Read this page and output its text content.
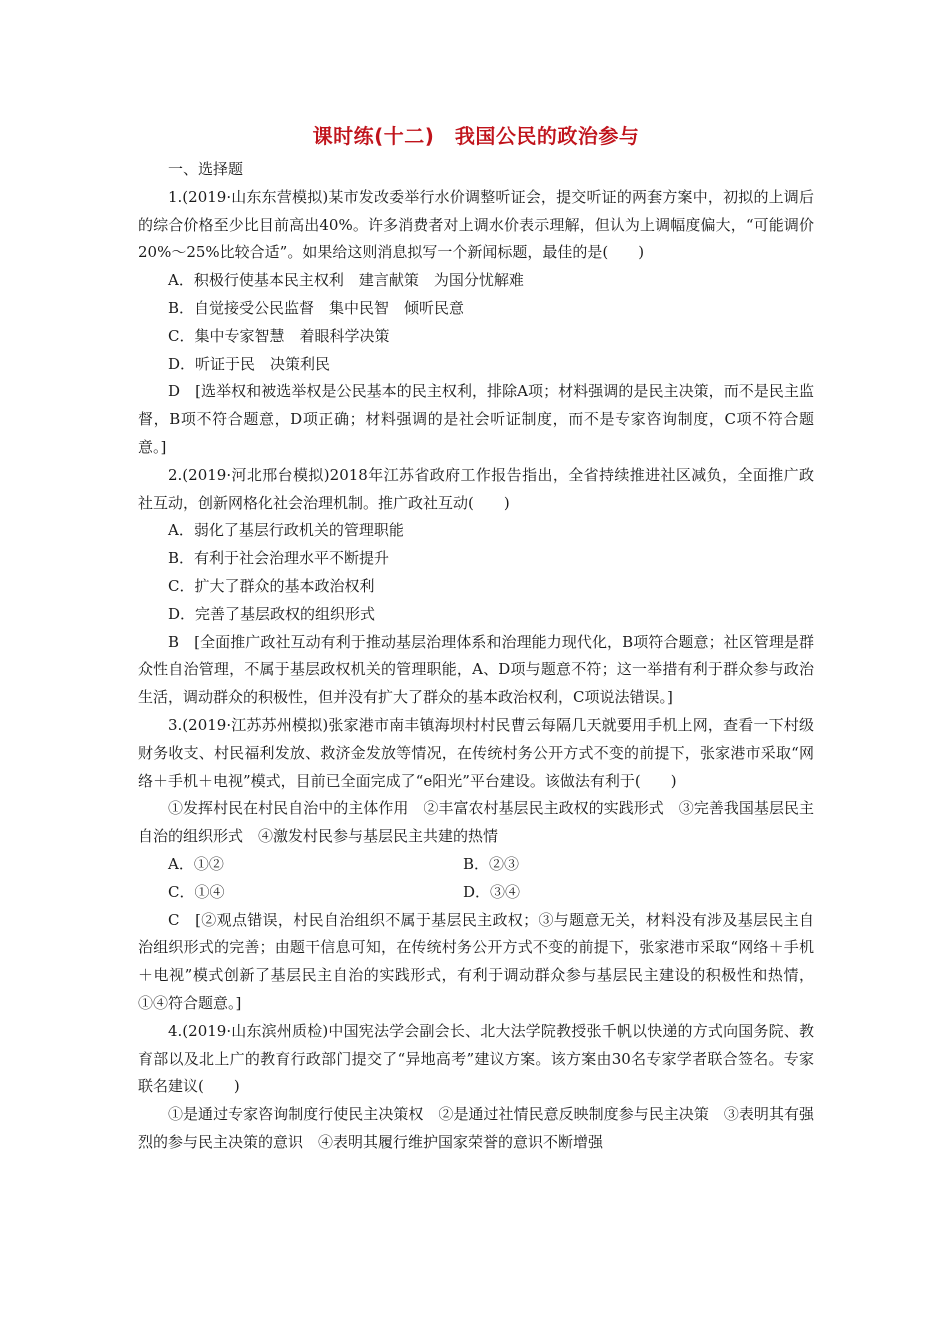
课时练(十二)　我国公民的政治参与

一、选择题

1.(2019·山东东营模拟)某市发改委举行水价调整听证会，提交听证的两套方案中，初拟的上调后的综合价格至少比目前高出40%。许多消费者对上调水价表示理解，但认为上调幅度偏大，“可能调价20%～25%比较合适”。如果给这则消息拟写一个新闻标题，最佳的是(　　)

A．积极行使基本民主权利　建言献策　为国分忧解难

B．自觉接受公民监督　集中民智　倾听民意

C．集中专家智慧　着眼科学决策

D．听证于民　决策利民

D　[选举权和被选举权是公民基本的民主权利，排除A项；材料强调的是民主决策，而不是民主监督，B项不符合题意，D项正确；材料强调的是社会听证制度，而不是专家咨询制度，C项不符合题意。]

2.(2019·河北邢台模拟)2018年江苏省政府工作报告指出，全省持续推进社区减负，全面推广政社互动，创新网格化社会治理机制。推广政社互动(　　)

A．弱化了基层行政机关的管理职能

B．有利于社会治理水平不断提升

C．扩大了群众的基本政治权利

D．完善了基层政权的组织形式

B　[全面推广政社互动有利于推动基层治理体系和治理能力现代化，B项符合题意；社区管理是群众性自治管理，不属于基层政权机关的管理职能，A、D项与题意不符；这一举措有利于群众参与政治生活，调动群众的积极性，但并没有扩大了群众的基本政治权利，C项说法错误。]

3.(2019·江苏苏州模拟)张家港市南丰镇海坝村村民曹云每隔几天就要用手机上网，查看一下村级财务收支、村民福利发放、救济金发放等情况，在传统村务公开方式不变的前提下，张家港市采取“网络＋手机＋电视”模式，目前已全面完成了“e阳光”平台建设。该做法有利于(　　)

①发挥村民在村民自治中的主体作用　②丰富农村基层民主政权的实践形式　③完善我国基层民主自治的组织形式　④激发村民参与基层民主共建的热情

A．①②	B．②③
C．①④	D．③④

C　[②观点错误，村民自治组织不属于基层民主政权；③与题意无关，材料没有涉及基层民主自治组织形式的完善；由题干信息可知，在传统村务公开方式不变的前提下，张家港市采取“网络＋手机＋电视”模式创新了基层民主自治的实践形式，有利于调动群众参与基层民主建设的积极性和热情，①④符合题意。]

4.(2019·山东滨州质检)中国宪法学会副会长、北大法学院教授张千帆以快递的方式向国务院、教育部以及北上广的教育行政部门提交了“异地高考”建议方案。该方案由30名专家学者联合签名。专家联名建议(　　)

①是通过专家咨询制度行使民主决策权　②是通过社情民意反映制度参与民主决策　③表明其有强烈的参与民主决策的意识　④表明其履行维护国家荣誉的意识不断增强
